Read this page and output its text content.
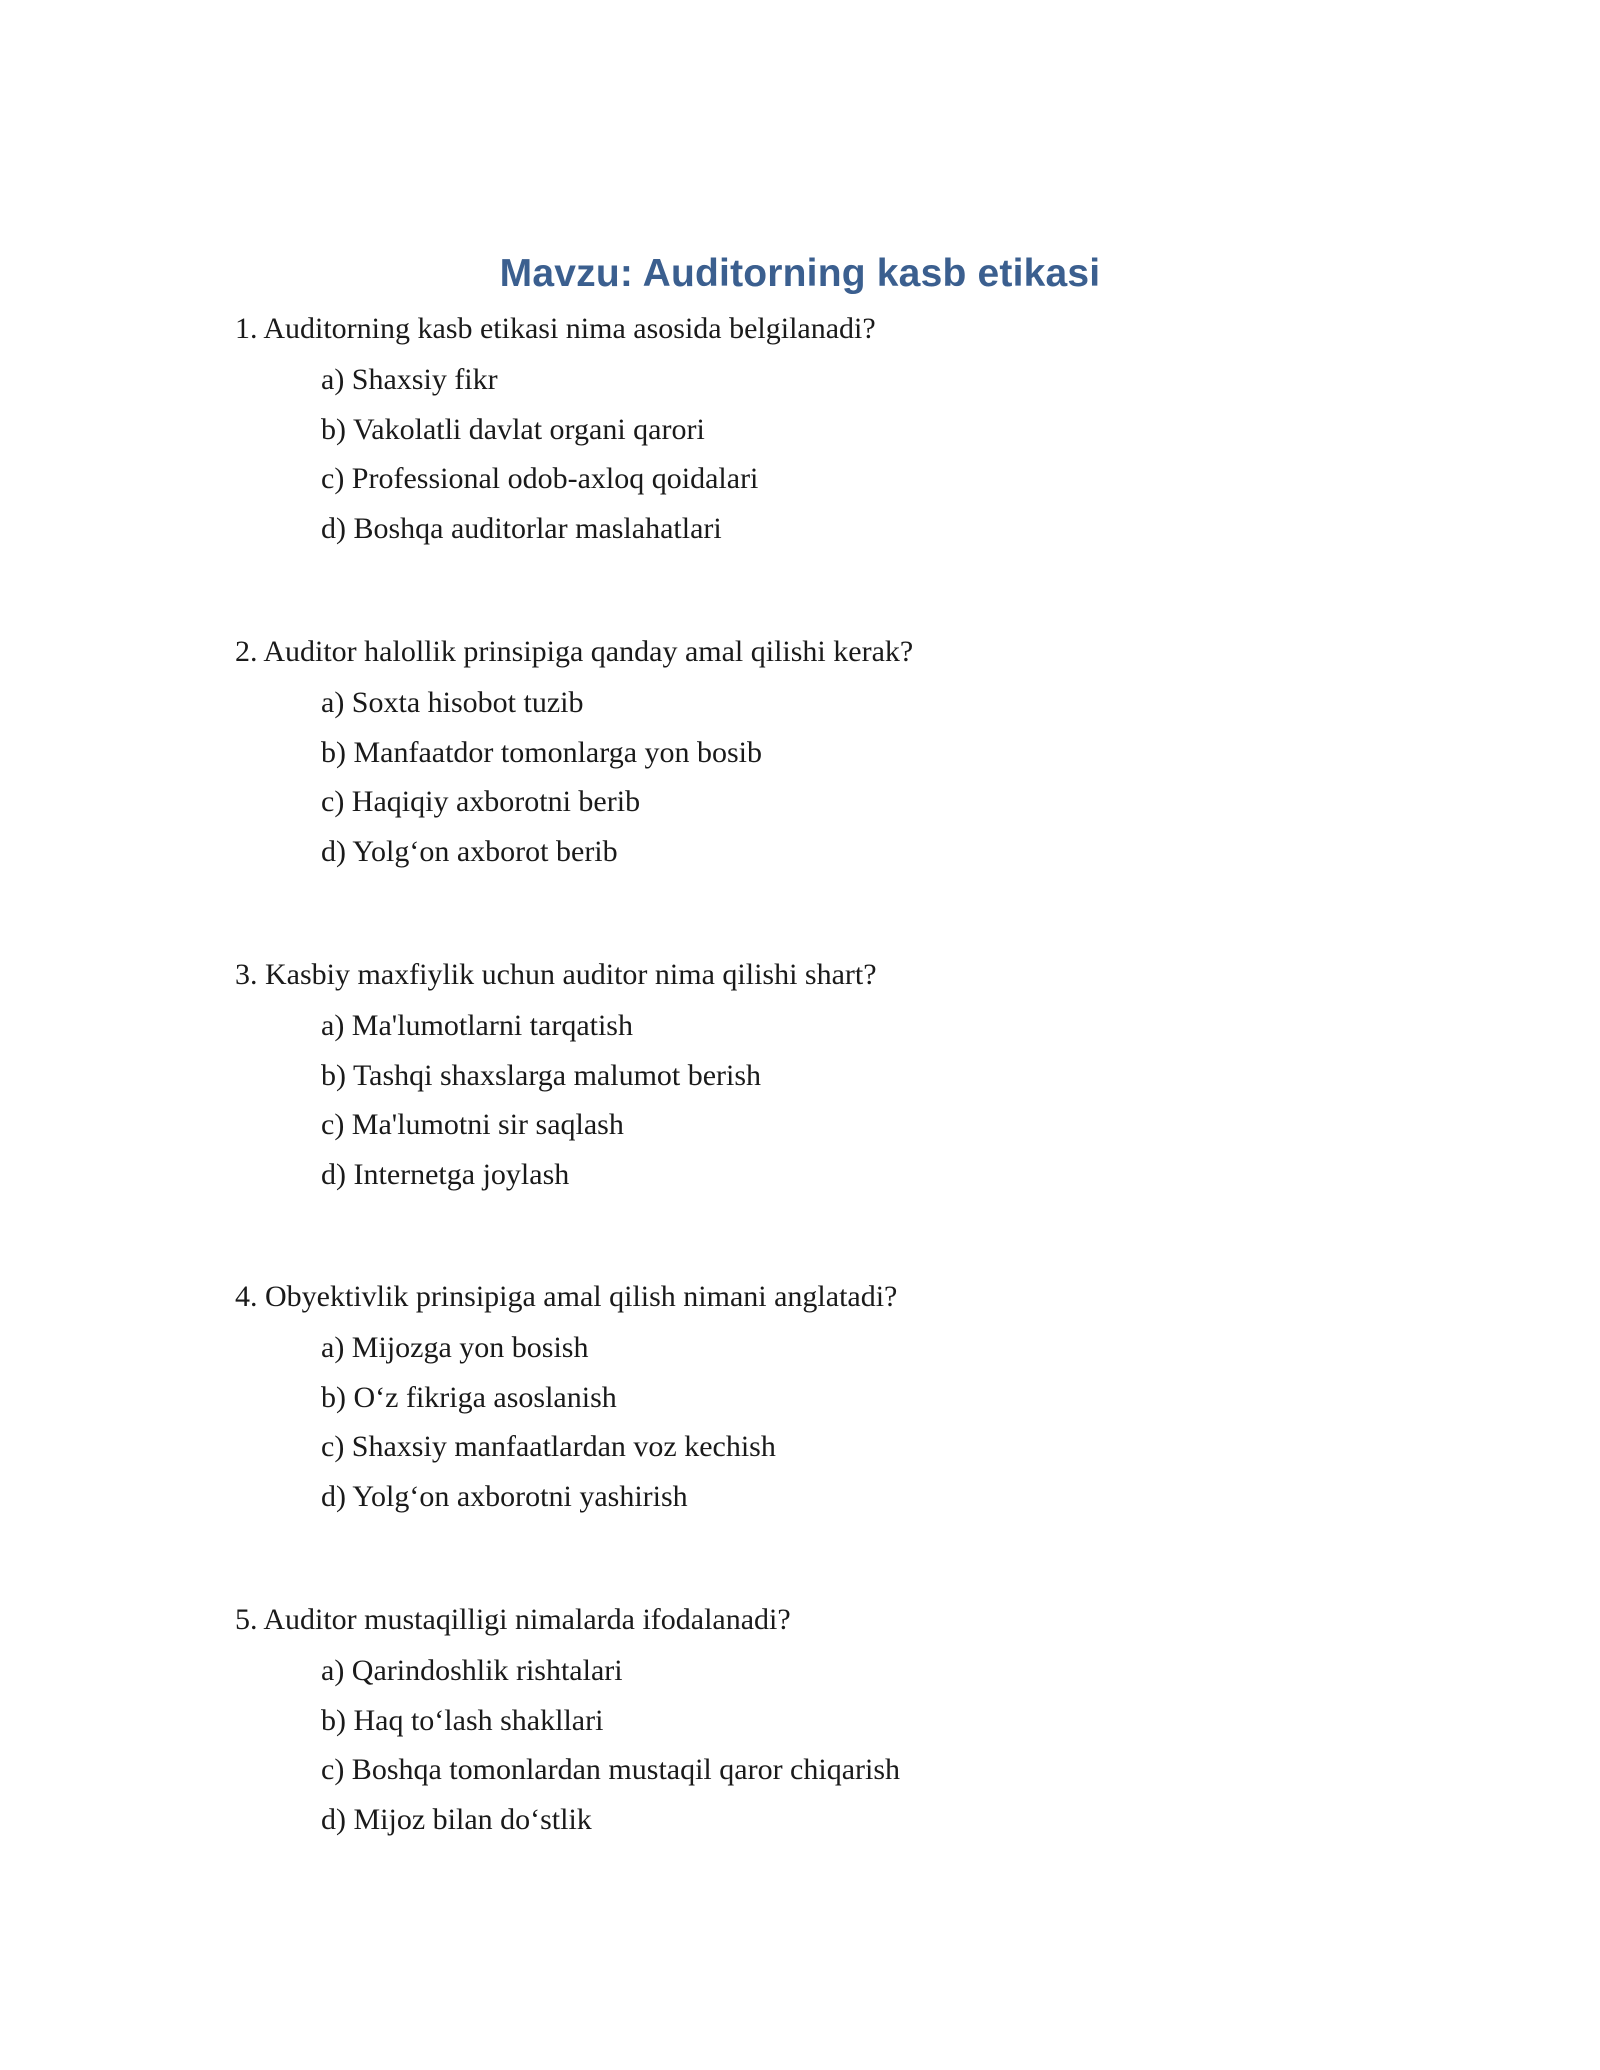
Mavzu: Auditorning kasb etikasi

1. Auditorning kasb etikasi nima asosida belgilanadi?

a) Shaxsiy fikr
b) Vakolatli davlat organi qarori
c) Professional odob-axloq qoidalari
d) Boshqa auditorlar maslahatlari

2. Auditor halollik prinsipiga qanday amal qilishi kerak?

a) Soxta hisobot tuzib
b) Manfaatdor tomonlarga yon bosib
c) Haqiqiy axborotni berib
d) Yolg‘on axborot berib

3. Kasbiy maxfiylik uchun auditor nima qilishi shart?

a) Ma'lumotlarni tarqatish
b) Tashqi shaxslarga malumot berish
c) Ma'lumotni sir saqlash
d) Internetga joylash

4. Obyektivlik prinsipiga amal qilish nimani anglatadi?

a) Mijozga yon bosish
b) O‘z fikriga asoslanish
c) Shaxsiy manfaatlardan voz kechish
d) Yolg‘on axborotni yashirish

5. Auditor mustaqilligi nimalarda ifodalanadi?

a) Qarindoshlik rishtalari
b) Haq to‘lash shakllari
c) Boshqa tomonlardan mustaqil qaror chiqarish
d) Mijoz bilan do‘stlik
